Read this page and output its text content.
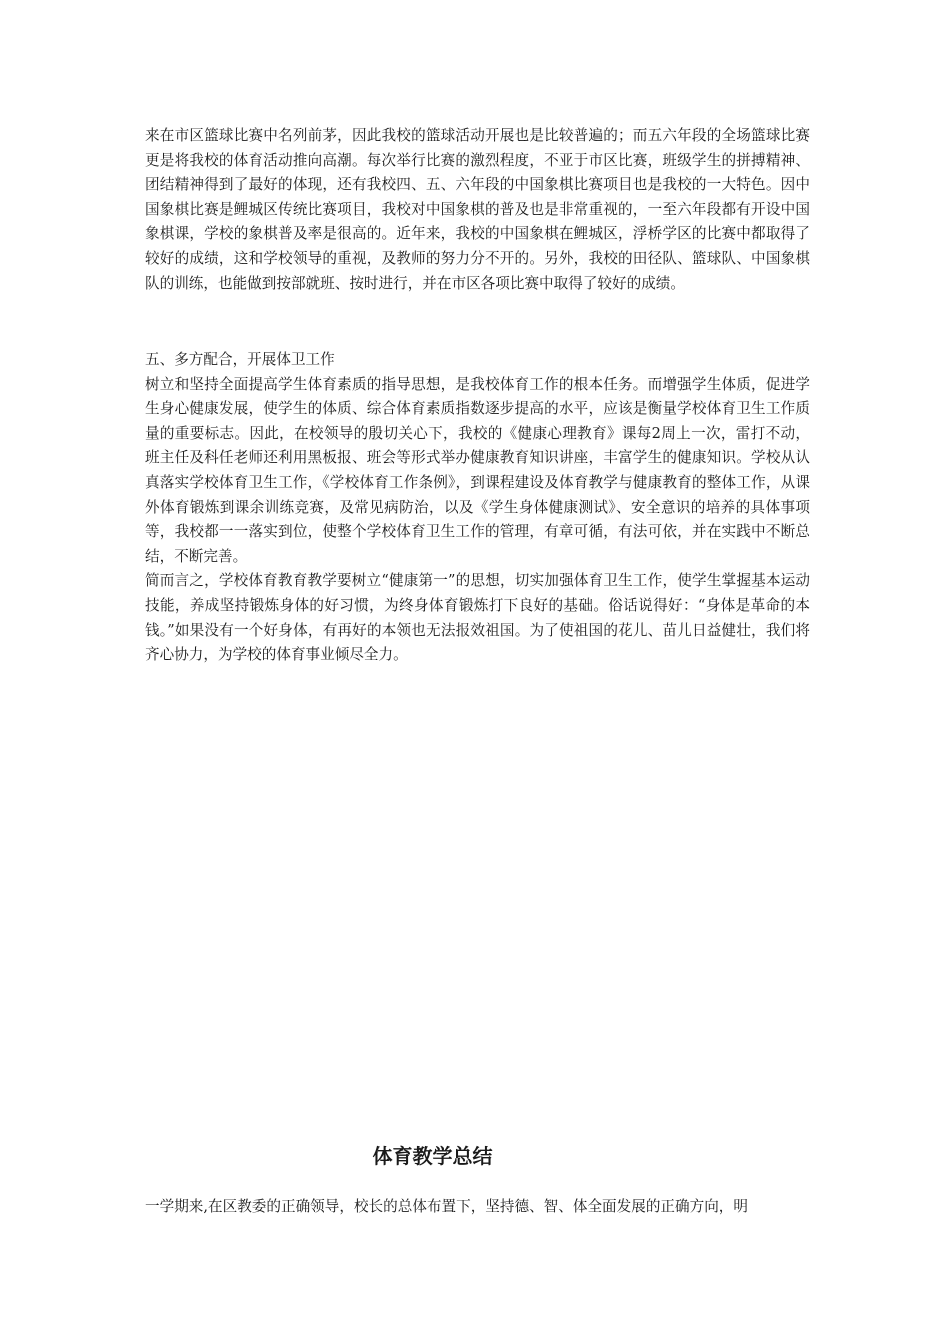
来在市区篮球比赛中名列前茅，因此我校的篮球活动开展也是比较普遍的；而五六年段的全场篮球比赛更是将我校的体育活动推向高潮。每次举行比赛的激烈程度，不亚于市区比赛，班级学生的拼搏精神、团结精神得到了最好的体现，还有我校四、五、六年段的中国象棋比赛项目也是我校的一大特色。因中国象棋比赛是鲤城区传统比赛项目，我校对中国象棋的普及也是非常重视的，一至六年段都有开设中国象棋课，学校的象棋普及率是很高的。近年来，我校的中国象棋在鲤城区，浮桥学区的比赛中都取得了较好的成绩，这和学校领导的重视，及教师的努力分不开的。另外，我校的田径队、篮球队、中国象棋队的训练，也能做到按部就班、按时进行，并在市区各项比赛中取得了较好的成绩。

五、多方配合，开展体卫工作

树立和坚持全面提高学生体育素质的指导思想，是我校体育工作的根本任务。而增强学生体质，促进学生身心健康发展，使学生的体质、综合体育素质指数逐步提高的水平，应该是衡量学校体育卫生工作质量的重要标志。因此，在校领导的殷切关心下，我校的《健康心理教育》课每2周上一次，雷打不动，班主任及科任老师还利用黑板报、班会等形式举办健康教育知识讲座，丰富学生的健康知识。学校从认真落实学校体育卫生工作，《学校体育工作条例》，到课程建设及体育教学与健康教育的整体工作，从课外体育锻炼到课余训练竞赛，及常见病防治，以及《学生身体健康测试》、安全意识的培养的具体事项等，我校都一一落实到位，使整个学校体育卫生工作的管理，有章可循，有法可依，并在实践中不断总结，不断完善。

简而言之，学校体育教育教学要树立“健康第一”的思想，切实加强体育卫生工作，使学生掌握基本运动技能，养成坚持锻炼身体的好习惯，为终身体育锻炼打下良好的基础。俗话说得好：“身体是革命的本钱。”如果没有一个好身体，有再好的本领也无法报效祖国。为了使祖国的花儿、苗儿日益健壮，我们将齐心协力，为学校的体育事业倾尽全力。

体育教学总结

一学期来,在区教委的正确领导，校长的总体布置下，坚持德、智、体全面发展的正确方向，明
